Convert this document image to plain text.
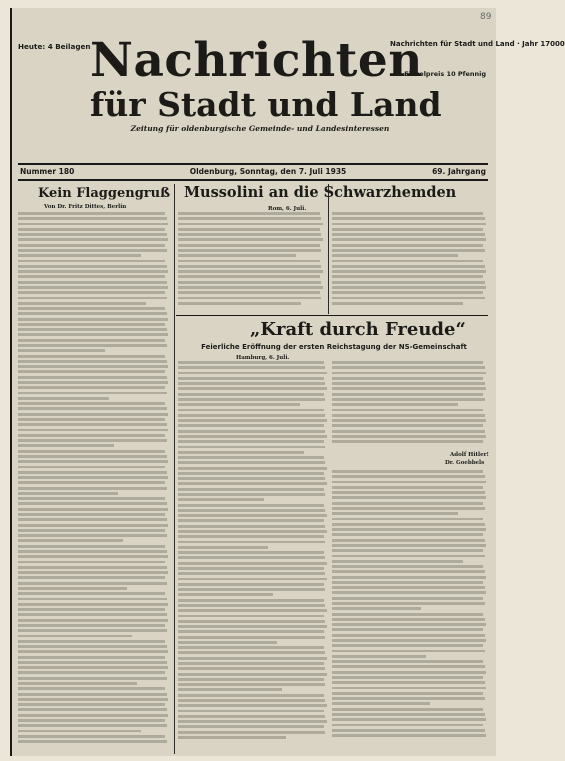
89
Heute: 4 Beilagen	Nachrichten für Stadt und Land · Jahr 17000
Einzelpreis 10 Pfennig
Nachrichten
für Stadt und Land
Zeitung für oldenburgische Gemeinde- und Landesinteressen
Nummer 180	Oldenburg, Sonntag, den 7. Juli 1935	69. Jahrgang
Kein Flaggengruß
Von Dr. Fritz Dittes, Berlin
Mussolini an die Schwarzhemden
Rom, 6. Juli.
„Kraft durch Freude“
Feierliche Eröffnung der ersten Reichstagung der NS-Gemeinschaft
Hamburg, 6. Juli.
Adolf Hitler!
Dr. Goebbels
